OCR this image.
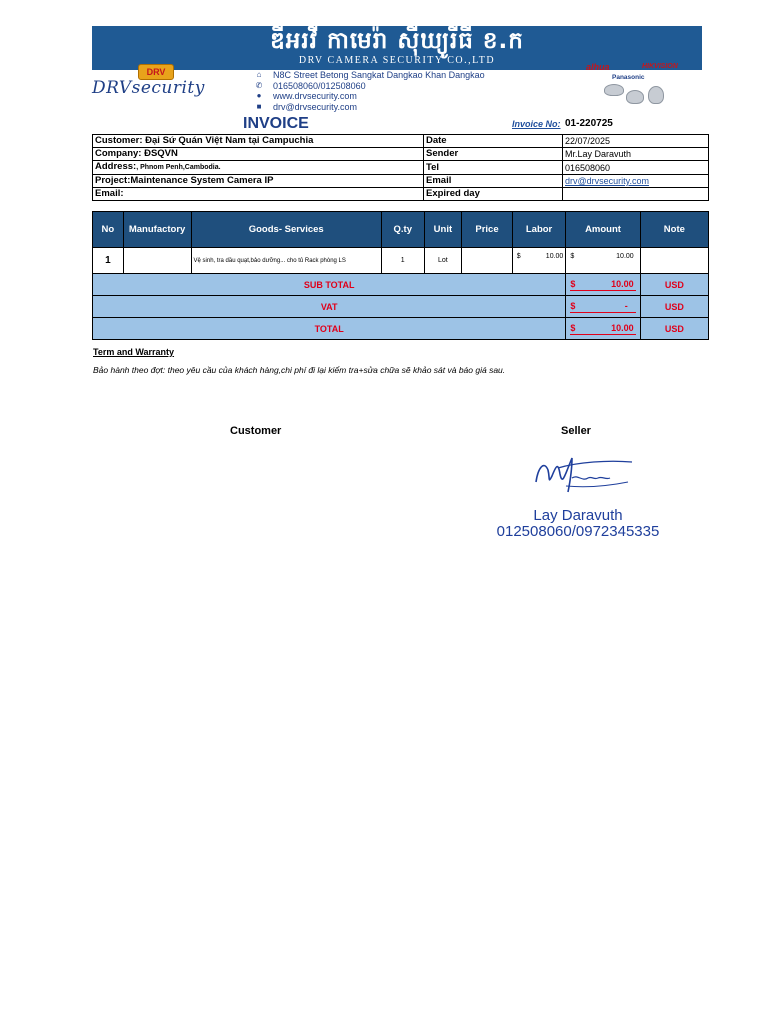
ឌីអរវី កាមេរ៉ា ស៊ីឃ្យូរីធី ខ.ក
DRV CAMERA SECURITY CO.,LTD
DRV
DRVsecurity
⌂ N8C Street Betong Sangkat Dangkao Khan Dangkao
✆ 016508060/012508060
● www.drvsecurity.com
■ drv@drvsecurity.com
alhua	HIKVISION
Panasonic
INVOICE	Invoice No: 01-220725
Customer: Đại Sứ Quán Việt Nam tại Campuchia	Date	22/07/2025
Company: ĐSQVN	Sender	Mr.Lay Daravuth
Address:, Phnom Penh,Cambodia.	Tel	016508060
Project:Maintenance System Camera IP	Email	drv@drvsecurity.com
Email:	Expired day	
No	Manufactory	Goods- Services	Q.ty	Unit	Price	Labor	Amount	Note
1		Vệ sinh, tra dầu quạt,bảo dưỡng... cho tủ Rack phòng LS	1	Lot		$ 10.00	$ 10.00	

SUB TOTAL							$ 10.00	USD
VAT							$ -	USD
TOTAL							$ 10.00	USD
Term and Warranty
Bảo hành theo đợt: theo yêu cầu của khách hàng,chi phí đi lại kiểm tra+sửa chữa sẽ khảo sát và báo giá sau.
Customer	Seller
Lay Daravuth
012508060/0972345335
